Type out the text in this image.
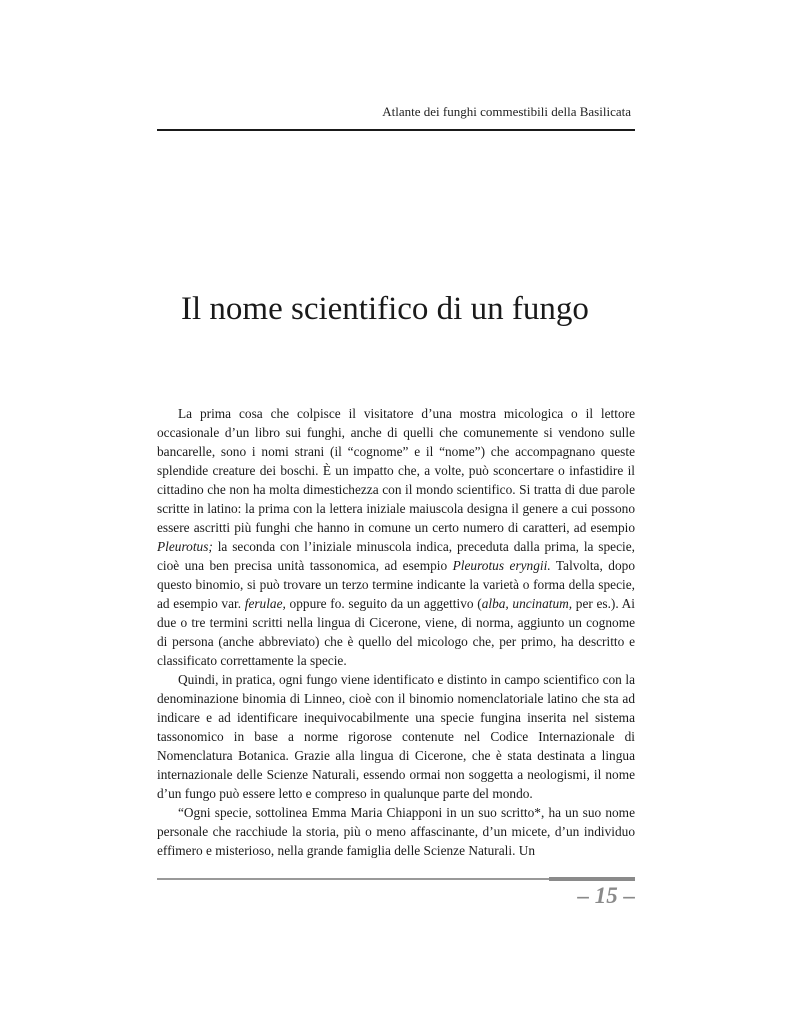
Atlante dei funghi commestibili della Basilicata
Il nome scientifico di un fungo

La prima cosa che colpisce il visitatore d’una mostra micologica o il lettore occasionale d’un libro sui funghi, anche di quelli che comunemente si vendono sulle bancarelle, sono i nomi strani (il “cognome” e il “nome”) che accompagnano queste splendide creature dei boschi. È un impatto che, a volte, può sconcertare o infastidire il cittadino che non ha molta dimestichezza con il mondo scientifico. Si tratta di due parole scritte in latino: la prima con la lettera iniziale maiuscola designa il genere a cui possono essere ascritti più funghi che hanno in comune un certo numero di caratteri, ad esempio Pleurotus; la seconda con l’iniziale minuscola indica, preceduta dalla prima, la specie, cioè una ben precisa unità tassonomica, ad esempio Pleurotus eryngii. Talvolta, dopo questo binomio, si può trovare un terzo termine indicante la varietà o forma della specie, ad esempio var. ferulae, oppure fo. seguito da un aggettivo (alba, uncinatum, per es.). Ai due o tre termini scritti nella lingua di Cicerone, viene, di norma, aggiunto un cognome di persona (anche abbreviato) che è quello del micologo che, per primo, ha descritto e classificato correttamente la specie.

Quindi, in pratica, ogni fungo viene identificato e distinto in campo scientifico con la denominazione binomia di Linneo, cioè con il binomio nomenclatoriale latino che sta ad indicare e ad identificare inequivocabilmente una specie fungina inserita nel sistema tassonomico in base a norme rigorose contenute nel Codice Internazionale di Nomenclatura Botanica. Grazie alla lingua di Cicerone, che è stata destinata a lingua internazionale delle Scienze Naturali, essendo ormai non soggetta a neologismi, il nome d’un fungo può essere letto e compreso in qualunque parte del mondo.

“Ogni specie, sottolinea Emma Maria Chiapponi in un suo scritto*, ha un suo nome personale che racchiude la storia, più o meno affascinante, d’un micete, d’un individuo effimero e misterioso, nella grande famiglia delle Scienze Naturali. Un

– 15 –
